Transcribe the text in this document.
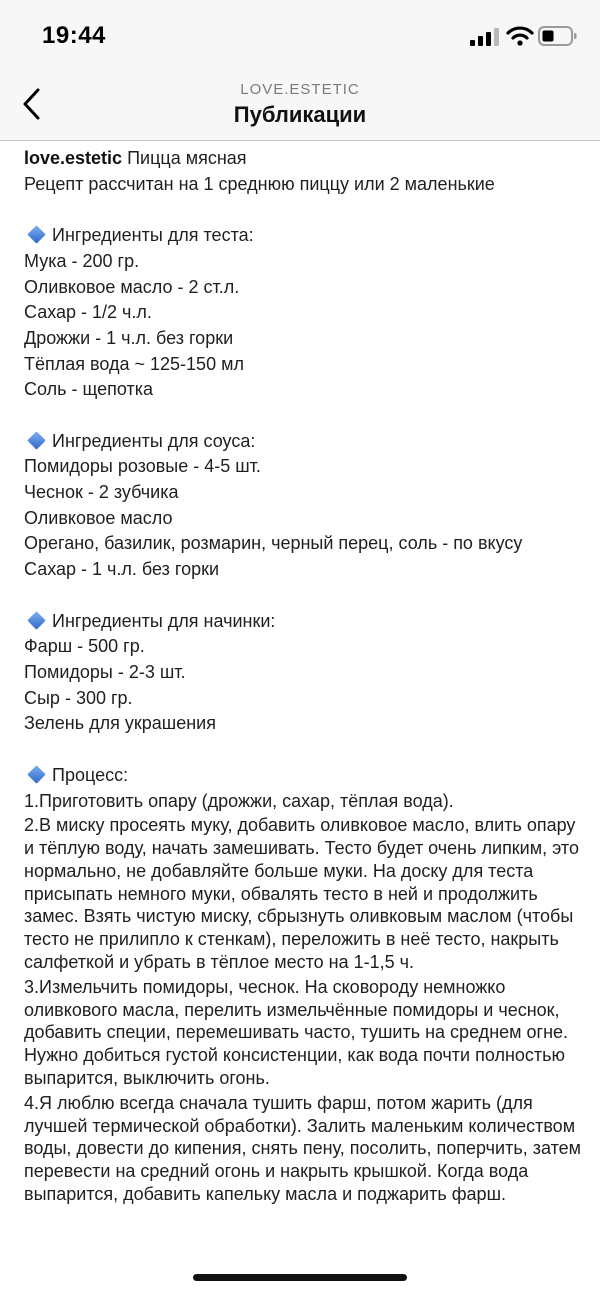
19:44
LOVE.ESTETIC
Публикации
love.estetic Пицца мясная
Рецепт рассчитан на 1 среднюю пиццу или 2 маленькие
Ингредиенты для теста:
Мука - 200 гр.
Оливковое масло - 2 ст.л.
Сахар - 1/2 ч.л.
Дрожжи - 1 ч.л. без горки
Тёплая вода ~ 125-150 мл
Соль - щепотка
Ингредиенты для соуса:
Помидоры розовые - 4-5 шт.
Чеснок - 2 зубчика
Оливковое масло
Орегано, базилик, розмарин, черный перец, соль - по вкусу
Сахар - 1 ч.л. без горки
Ингредиенты для начинки:
Фарш - 500 гр.
Помидоры - 2-3 шт.
Сыр - 300 гр.
Зелень для украшения
Процесс:
1.Приготовить опару (дрожжи, сахар, тёплая вода).
2.В миску просеять муку, добавить оливковое масло, влить опару и тёплую воду, начать замешивать. Тесто будет очень липким, это нормально, не добавляйте больше муки. На доску для теста присыпать немного муки, обвалять тесто в ней и продолжить замес. Взять чистую миску, сбрызнуть оливковым маслом (чтобы тесто не прилипло к стенкам), переложить в неё тесто, накрыть салфеткой и убрать в тёплое место на 1-1,5 ч.
3.Измельчить помидоры, чеснок. На сковороду немножко оливкового масла, перелить измельчённые помидоры и чеснок, добавить специи, перемешивать часто, тушить на среднем огне. Нужно добиться густой консистенции, как вода почти полностью выпарится, выключить огонь.
4.Я люблю всегда сначала тушить фарш, потом жарить (для лучшей термической обработки). Залить маленьким количеством воды, довести до кипения, снять пену, посолить, поперчить, затем перевести на средний огонь и накрыть крышкой. Когда вода выпарится, добавить капельку масла и поджарить фарш.
